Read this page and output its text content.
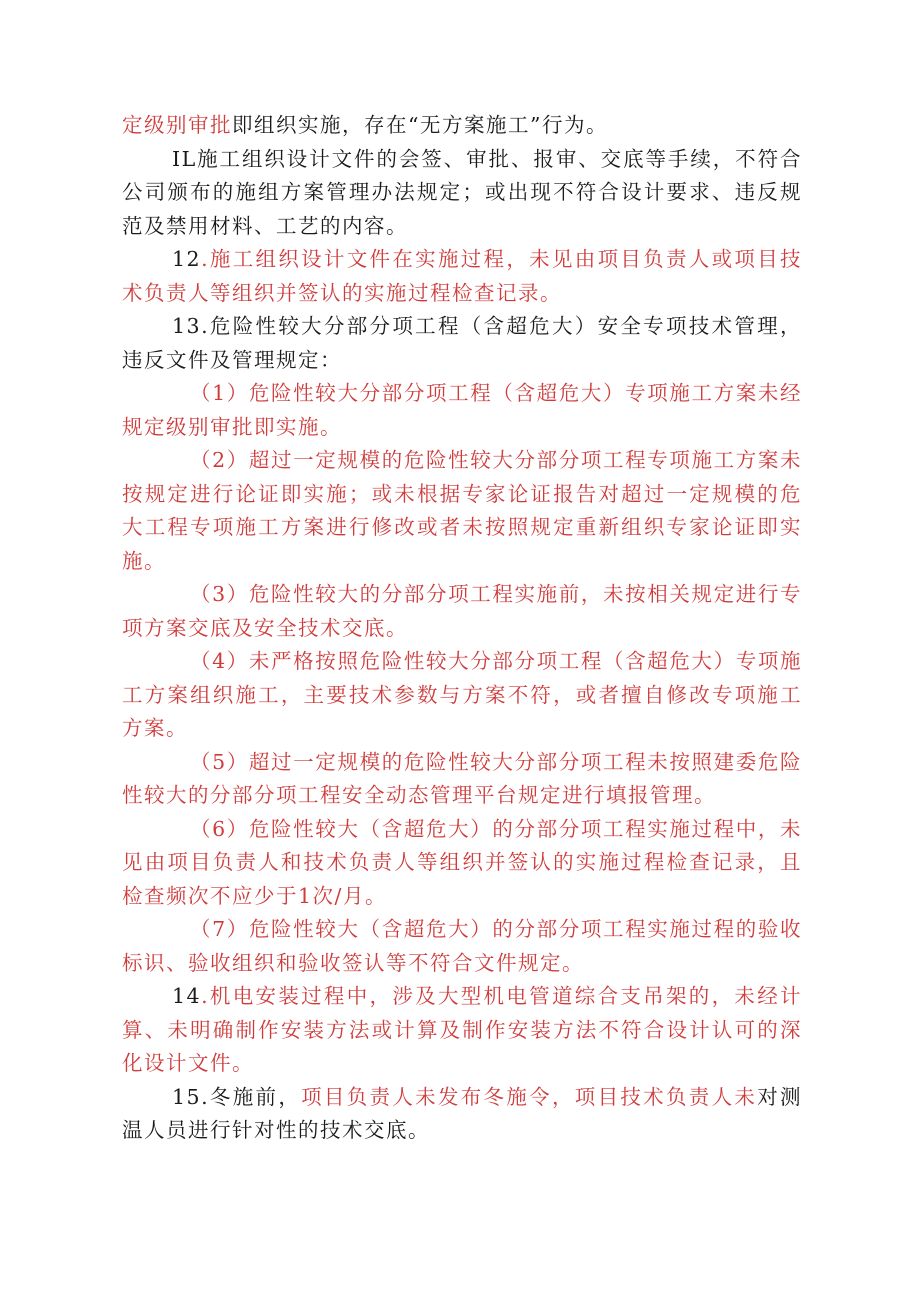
定级别审批即组织实施，存在“无方案施工”行为。

IL施工组织设计文件的会签、审批、报审、交底等手续，不符合公司颁布的施组方案管理办法规定；或出现不符合设计要求、违反规范及禁用材料、工艺的内容。

12.施工组织设计文件在实施过程，未见由项目负责人或项目技术负责人等组织并签认的实施过程检查记录。

13.危险性较大分部分项工程（含超危大）安全专项技术管理，违反文件及管理规定：

（1）危险性较大分部分项工程（含超危大）专项施工方案未经规定级别审批即实施。

（2）超过一定规模的危险性较大分部分项工程专项施工方案未按规定进行论证即实施；或未根据专家论证报告对超过一定规模的危大工程专项施工方案进行修改或者未按照规定重新组织专家论证即实施。

（3）危险性较大的分部分项工程实施前，未按相关规定进行专项方案交底及安全技术交底。

（4）未严格按照危险性较大分部分项工程（含超危大）专项施工方案组织施工，主要技术参数与方案不符，或者擅自修改专项施工方案。

（5）超过一定规模的危险性较大分部分项工程未按照建委危险性较大的分部分项工程安全动态管理平台规定进行填报管理。

（6）危险性较大（含超危大）的分部分项工程实施过程中，未见由项目负责人和技术负责人等组织并签认的实施过程检查记录，且检查频次不应少于1次/月。

（7）危险性较大（含超危大）的分部分项工程实施过程的验收标识、验收组织和验收签认等不符合文件规定。

14.机电安装过程中，涉及大型机电管道综合支吊架的，未经计算、未明确制作安装方法或计算及制作安装方法不符合设计认可的深化设计文件。

15.冬施前，项目负责人未发布冬施令，项目技术负责人未对测温人员进行针对性的技术交底。
